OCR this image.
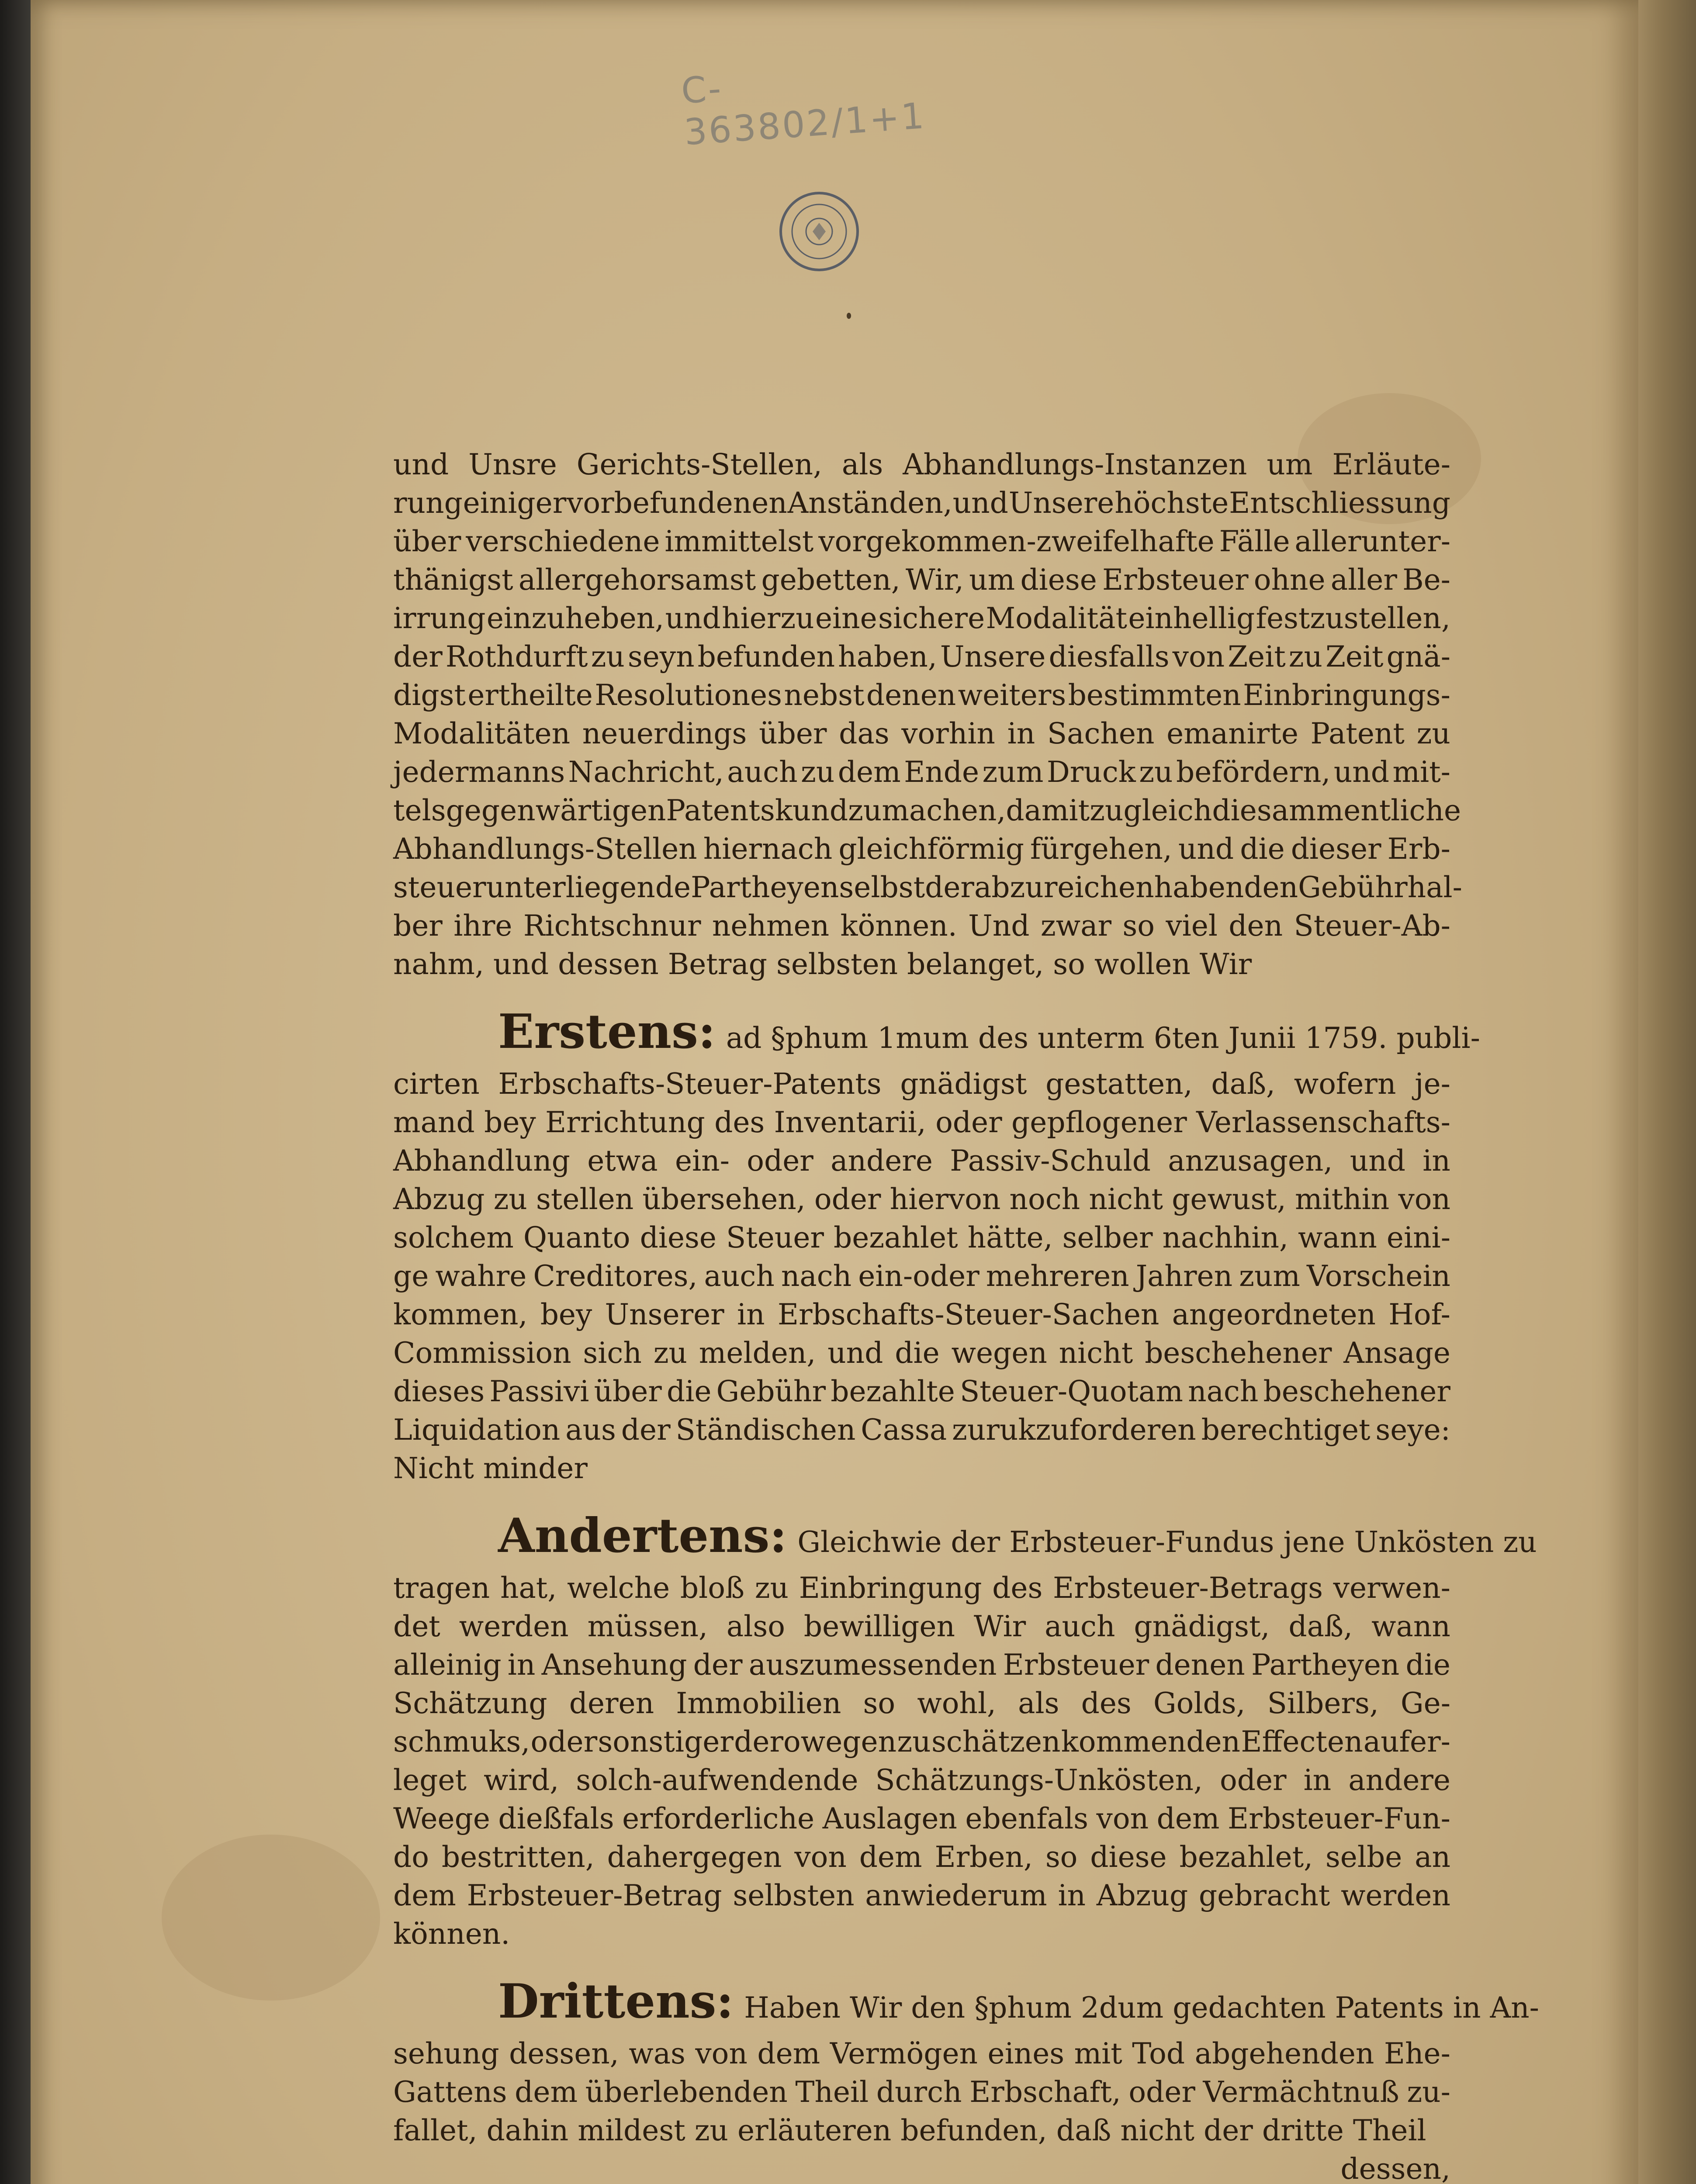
C-363802/1+1
und Unsre Gerichts-Stellen, als Abhandlungs-Instanzen um Erläute-
rung einiger vorbefundenen Anständen, und Unsere höchste Entschliessung
über verschiedene immittelst vorgekommen-zweifelhafte Fälle allerunter-
thänigst allergehorsamst gebetten, Wir, um diese Erbsteuer ohne aller Be-
irrung einzuheben, und hierzu eine sichere Modalität einhellig festzustellen,
der Rothdurft zu seyn befunden haben, Unsere diesfalls von Zeit zu Zeit gnä-
digst ertheilte Resolutiones nebst denen weiters bestimmten Einbringungs-
Modalitäten neuerdings über das vorhin in Sachen emanirte Patent zu
jedermanns Nachricht, auch zu dem Ende zum Druck zu befördern, und mit-
tels gegenwärtigen Patents kund zu machen, damit zugleich die sammentliche
Abhandlungs-Stellen hiernach gleichförmig fürgehen, und die dieser Erb-
steuer unterliegende Partheyen selbst der abzureichen habenden Gebühr hal-
ber ihre Richtschnur nehmen können. Und zwar so viel den Steuer-Ab-
nahm, und dessen Betrag selbsten belanget, so wollen Wir
Erstens: ad §phum 1mum des unterm 6ten Junii 1759. publi-
cirten Erbschafts-Steuer-Patents gnädigst gestatten, daß, wofern je-
mand bey Errichtung des Inventarii, oder gepflogener Verlassenschafts-
Abhandlung etwa ein- oder andere Passiv-Schuld anzusagen, und in
Abzug zu stellen übersehen, oder hiervon noch nicht gewust, mithin von
solchem Quanto diese Steuer bezahlet hätte, selber nachhin, wann eini-
ge wahre Creditores, auch nach ein-oder mehreren Jahren zum Vorschein
kommen, bey Unserer in Erbschafts-Steuer-Sachen angeordneten Hof-
Commission sich zu melden, und die wegen nicht beschehener Ansage
dieses Passivi über die Gebühr bezahlte Steuer-Quotam nach beschehener
Liquidation aus der Ständischen Cassa zurukzuforderen berechtiget seye:
Nicht minder
Andertens: Gleichwie der Erbsteuer-Fundus jene Unkösten zu
tragen hat, welche bloß zu Einbringung des Erbsteuer-Betrags verwen-
det werden müssen, also bewilligen Wir auch gnädigst, daß, wann
alleinig in Ansehung der auszumessenden Erbsteuer denen Partheyen die
Schätzung deren Immobilien so wohl, als des Golds, Silbers, Ge-
schmuks, oder sonstiger derowegen zu schätzen kommenden Effecten aufer-
leget wird, solch-aufwendende Schätzungs-Unkösten, oder in andere
Weege dießfals erforderliche Auslagen ebenfals von dem Erbsteuer-Fun-
do bestritten, dahergegen von dem Erben, so diese bezahlet, selbe an
dem Erbsteuer-Betrag selbsten anwiederum in Abzug gebracht werden
können.
Drittens: Haben Wir den §phum 2dum gedachten Patents in An-
sehung dessen, was von dem Vermögen eines mit Tod abgehenden Ehe-
Gattens dem überlebenden Theil durch Erbschaft, oder Vermächtnuß zu-
fallet, dahin mildest zu erläuteren befunden, daß nicht der dritte Theil
dessen,
